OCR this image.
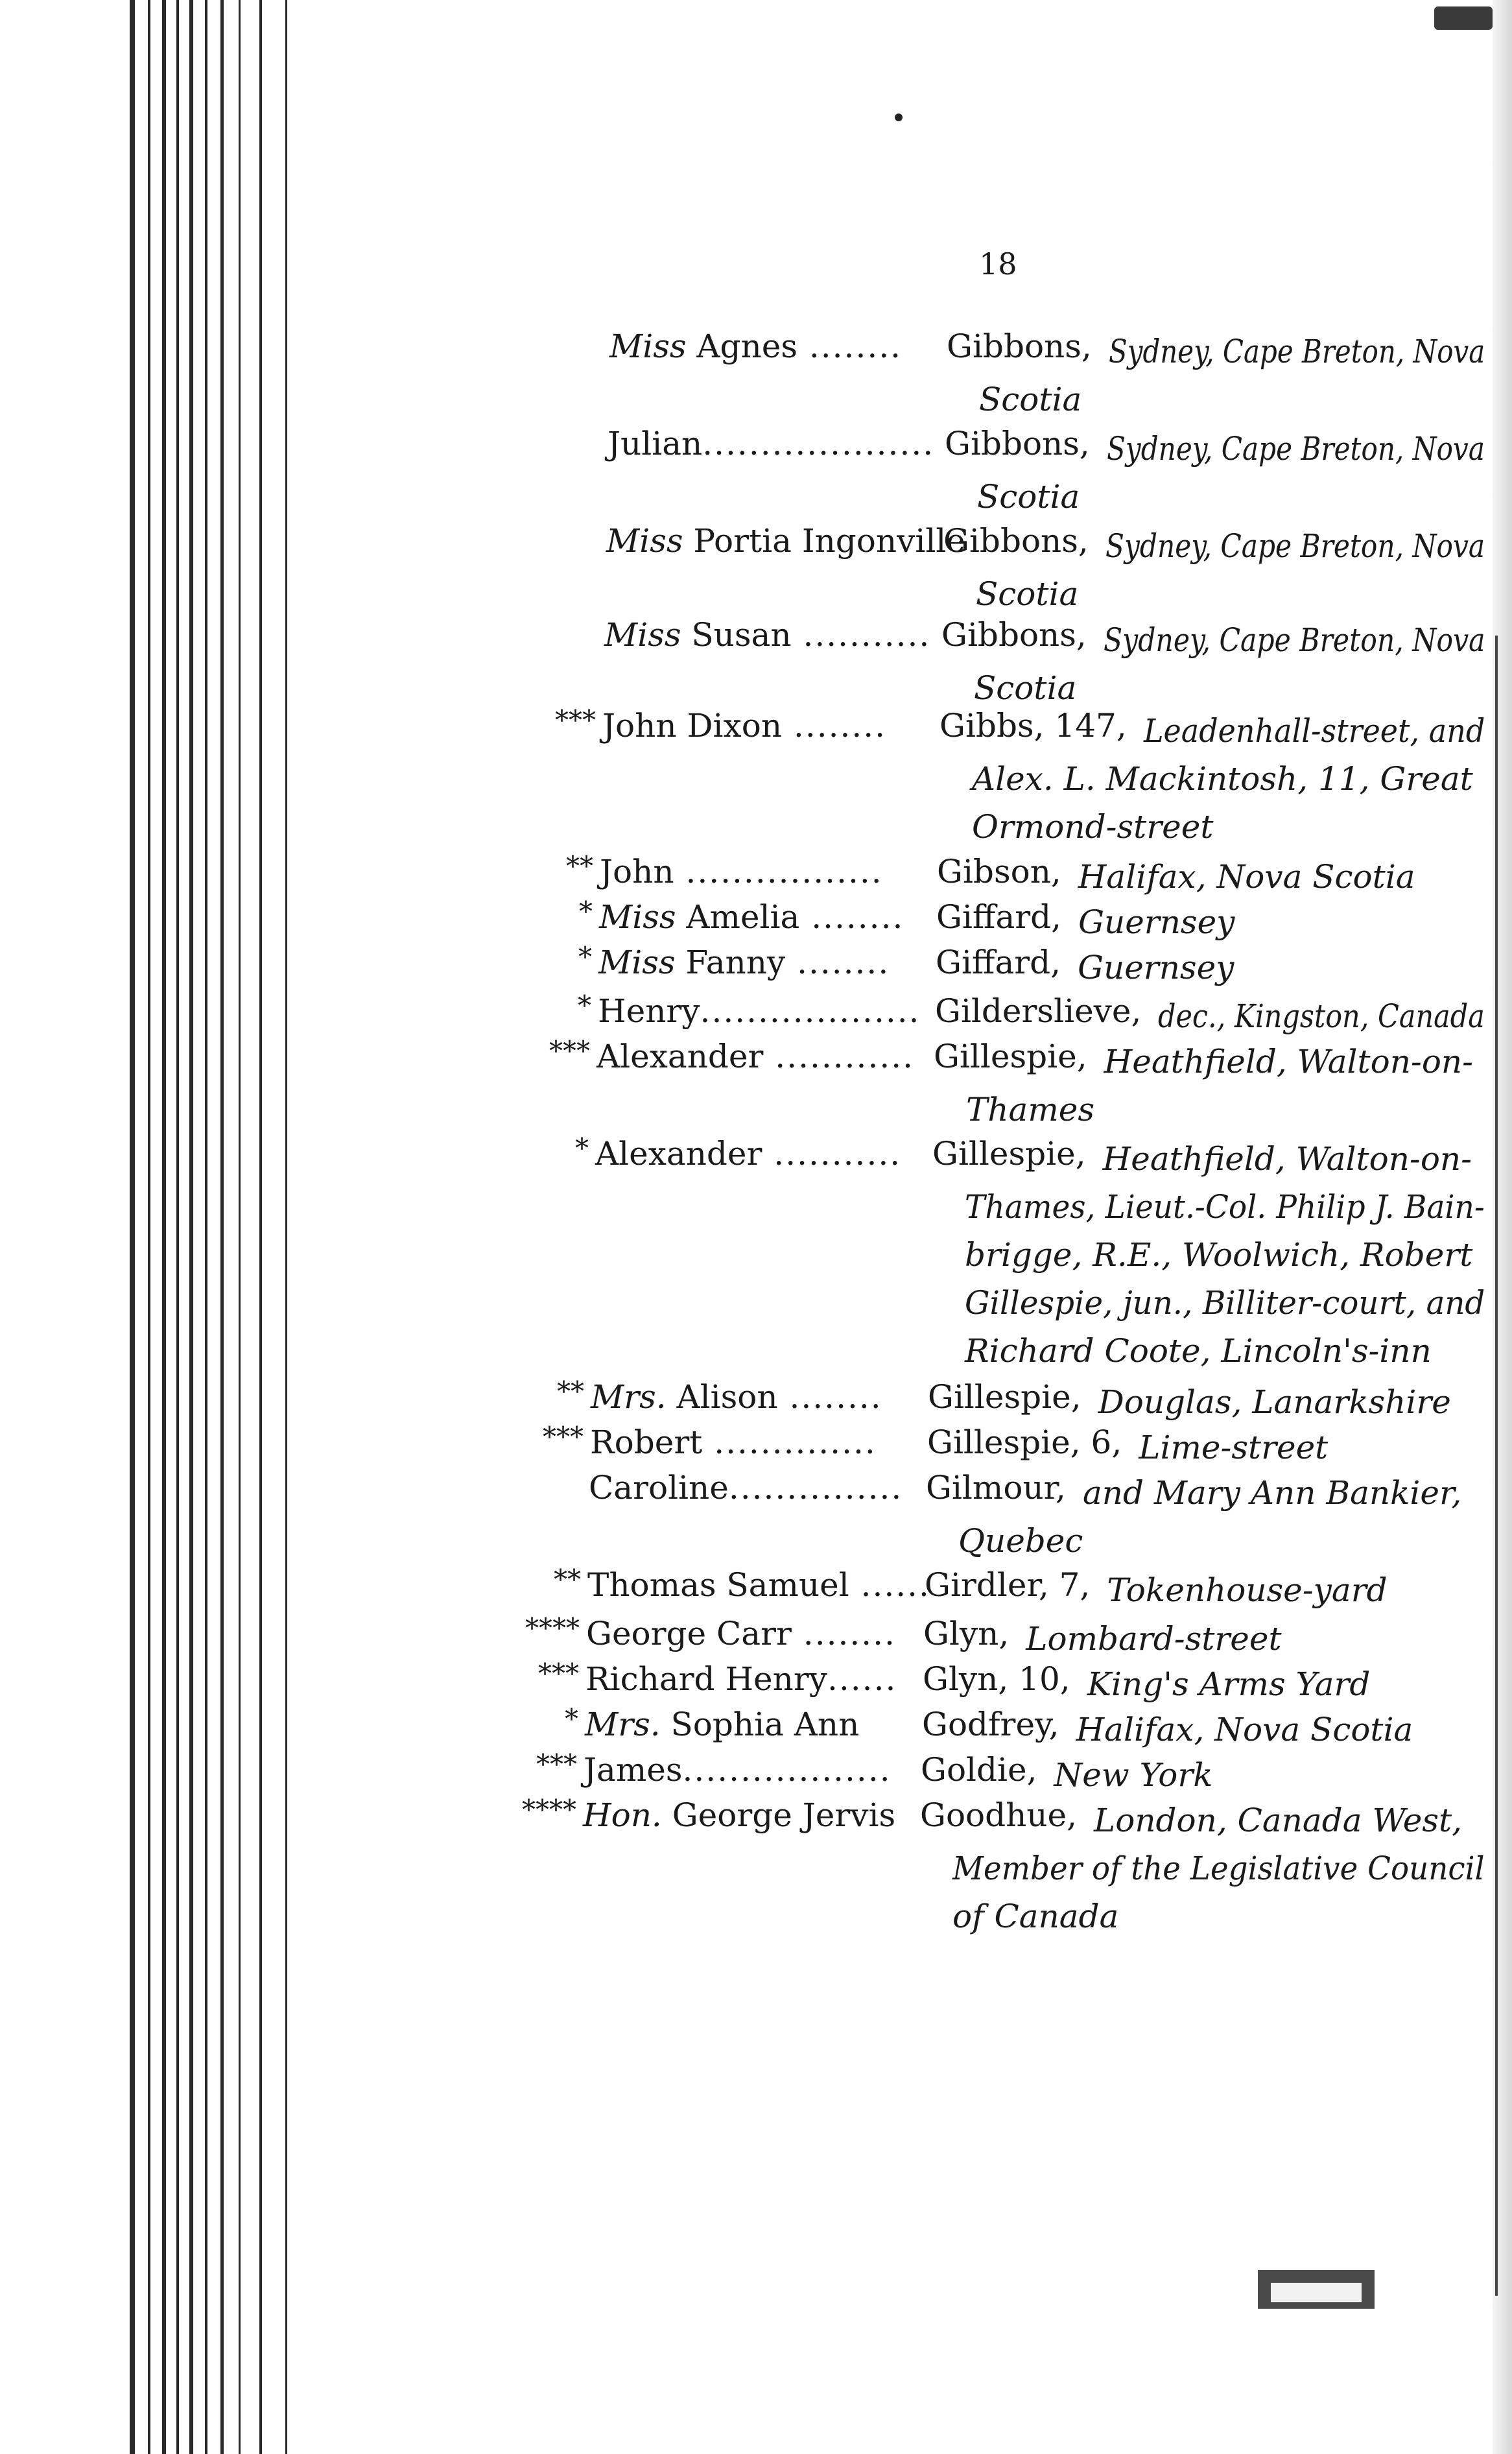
18
Miss Agnes ........ Gibbons, Sydney, Cape Breton, Nova
Scotia
Julian.................... Gibbons, Sydney, Cape Breton, Nova
Scotia
Miss Portia Ingonville
Gibbons, Sydney, Cape Breton, Nova
Scotia
Miss Susan ........... Gibbons, Sydney, Cape Breton, Nova
Scotia
*** John Dixon ........ Gibbs, 147, Leadenhall-street, and
Alex. L. Mackintosh, 11, Great
Ormond-street
** John ................. Gibson, Halifax, Nova Scotia
* Miss Amelia ........ Giffard, Guernsey
* Miss Fanny ........ Giffard, Guernsey
* Henry................... Gilderslieve, dec., Kingston, Canada
*** Alexander ............ Gillespie, Heathfield, Walton-on-
Thames
* Alexander ........... Gillespie, Heathfield, Walton-on-
Thames, Lieut.-Col. Philip J. Bain-
brigge, R.E., Woolwich, Robert
Gillespie, jun., Billiter-court, and
Richard Coote, Lincoln's-inn
** Mrs. Alison ........ Gillespie, Douglas, Lanarkshire
*** Robert .............. Gillespie, 6, Lime-street
Caroline............... Gilmour, and Mary Ann Bankier,
Quebec
** Thomas Samuel ......
Girdler, 7, Tokenhouse-yard
**** George Carr ........ Glyn, Lombard-street
*** Richard Henry...... Glyn, 10, King's Arms Yard
* Mrs. Sophia Ann Godfrey, Halifax, Nova Scotia
*** James.................. Goldie, New York
**** Hon. George Jervis Goodhue, London, Canada West,
Member of the Legislative Council
of Canada
